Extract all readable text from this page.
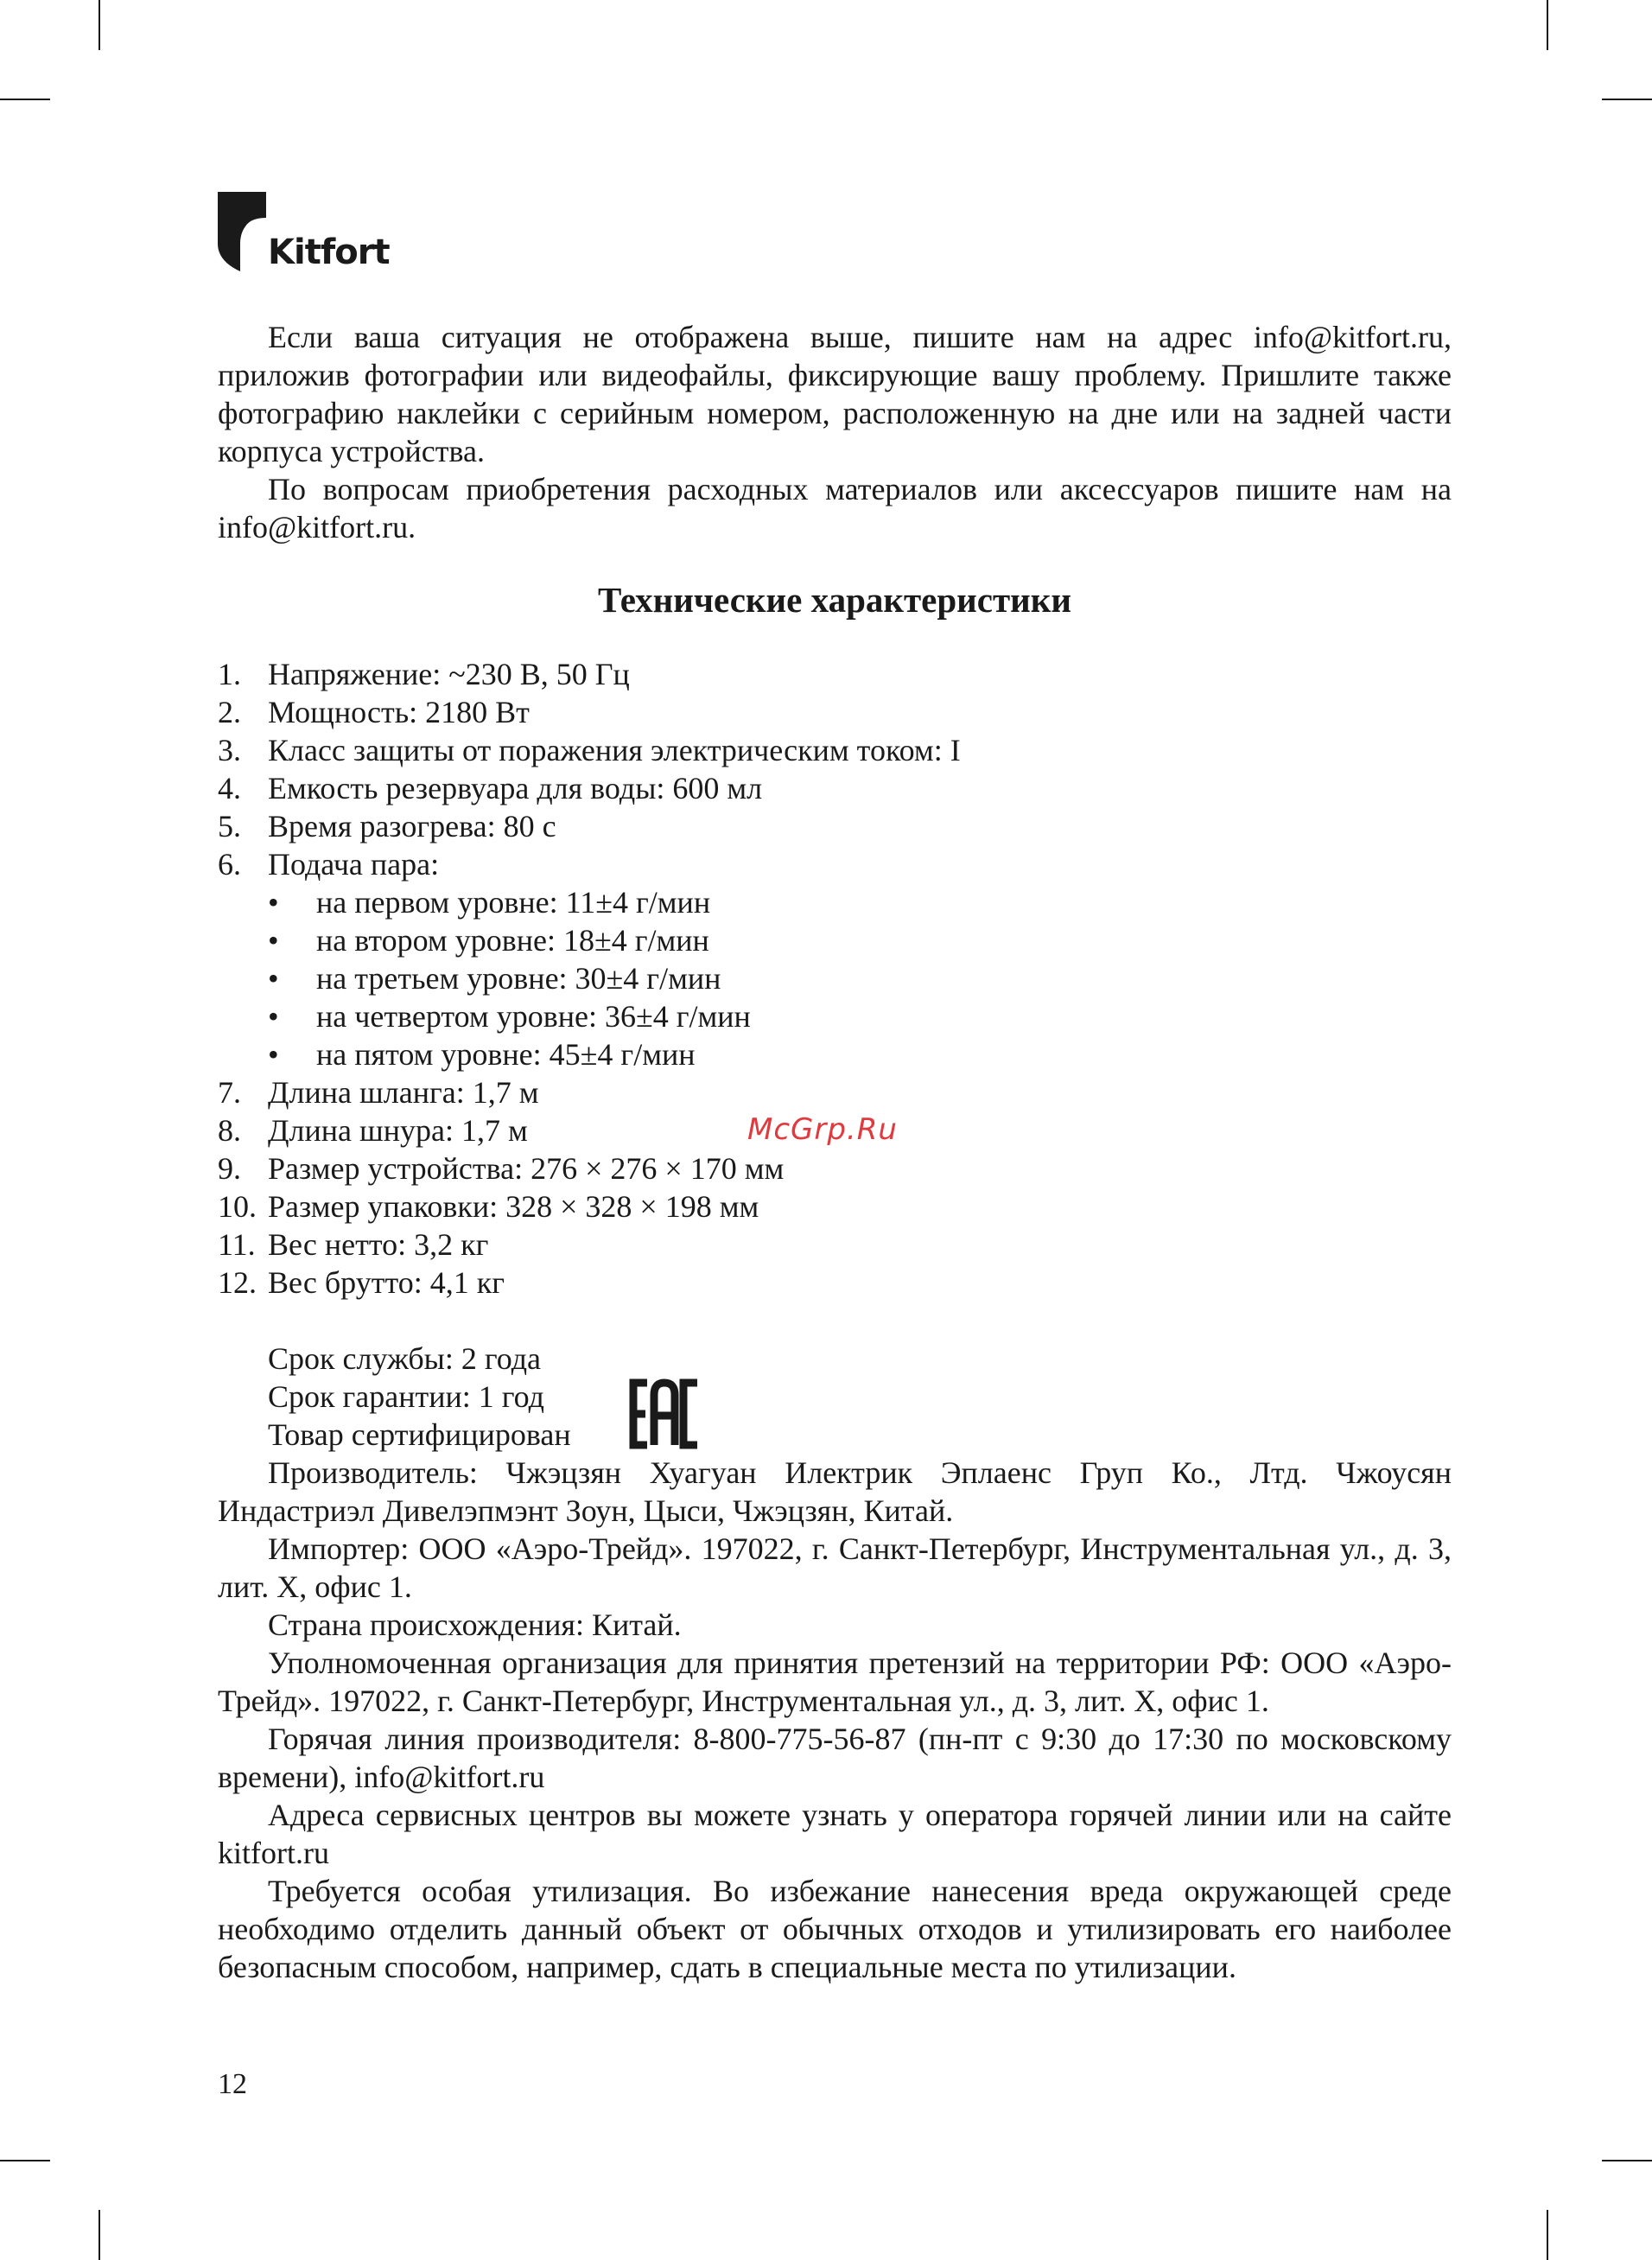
Kitfort
McGrp.Ru

Если ваша ситуация не отображена выше, пишите нам на адрес info@kitfort.ru, приложив фотографии или видеофайлы, фиксирующие вашу проблему. Пришлите также фотографию наклейки с серийным номером, расположенную на дне или на задней части корпуса устройства.

По вопросам приобретения расходных материалов или аксессуаров пишите нам на info@kitfort.ru.

Технические характеристики
1. Напряжение: ~230 В, 50 Гц
2. Мощность: 2180 Вт
3. Класс защиты от поражения электрическим током: I
4. Емкость резервуара для воды: 600 мл
5. Время разогрева: 80 с
6. Подача пара:
• на первом уровне: 11±4 г/мин
• на втором уровне: 18±4 г/мин
• на третьем уровне: 30±4 г/мин
• на четвертом уровне: 36±4 г/мин
• на пятом уровне: 45±4 г/мин
7. Длина шланга: 1,7 м
8. Длина шнура: 1,7 м
9. Размер устройства: 276 × 276 × 170 мм
10. Размер упаковки: 328 × 328 × 198 мм
11. Вес нетто: 3,2 кг
12. Вес брутто: 4,1 кг

Срок службы: 2 года

Срок гарантии: 1 год

Товар сертифицирован

Производитель: Чжэцзян Хуагуан Илектрик Эплаенс Груп Ко., Лтд. Чжоусян Индастриэл Дивелэпмэнт Зоун, Цыси, Чжэцзян, Китай.

Импортер: ООО «Аэро-Трейд». 197022, г. Санкт-Петербург, Инструментальная ул., д. 3, лит. Х, офис 1.

Страна происхождения: Китай.

Уполномоченная организация для принятия претензий на территории РФ: ООО «Аэро-Трейд». 197022, г. Санкт-Петербург, Инструментальная ул., д. 3, лит. Х, офис 1.

Горячая линия производителя: 8-800-775-56-87 (пн-пт с 9:30 до 17:30 по московскому времени), info@kitfort.ru

Адреса сервисных центров вы можете узнать у оператора горячей линии или на сайте kitfort.ru

Требуется особая утилизация. Во избежание нанесения вреда окружающей среде необходимо отделить данный объект от обычных отходов и утилизировать его наиболее безопасным способом, например, сдать в специальные места по утилизации.

12
